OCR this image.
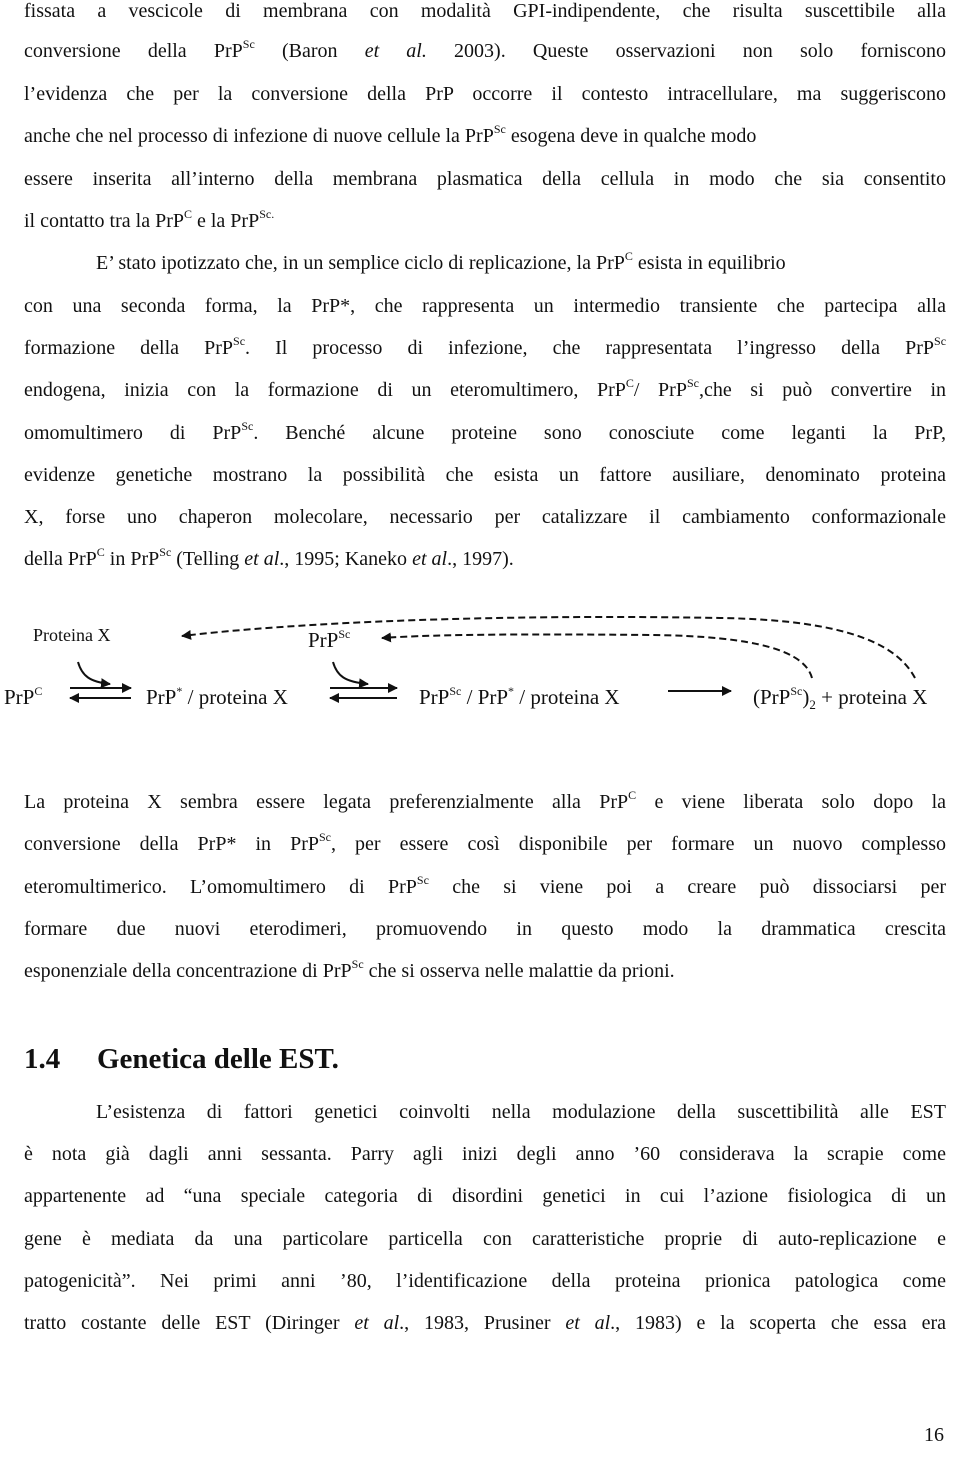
fissata a vescicole di membrana con modalità GPI-indipendente, che risulta suscettibile alla
conversione della PrP$^{Sc}$ (Baron et al. 2003). Queste osservazioni non solo forniscono
l’evidenza che per la conversione della PrP occorre il contesto intracellulare, ma suggeriscono
anche che nel processo di infezione di nuove cellule la PrP$^{Sc}$ esogena deve in qualche modo
essere inserita all’interno della membrana plasmatica della cellula in modo che sia consentito
il contatto tra la PrP$^C$ e la PrP$^{Sc.}$
E’ stato ipotizzato che, in un semplice ciclo di replicazione, la PrP$^C$ esista in equilibrio
con una seconda forma, la PrP*, che rappresenta un intermedio transiente che partecipa alla
formazione della PrP$^{Sc}$. Il processo di infezione, che rappresentata l’ingresso della PrP$^{Sc}$
endogena, inizia con la formazione di un eteromultimero, PrP$^C$/ PrP$^{Sc}$,che si può convertire in
omomultimero di PrP$^{Sc}$. Benché alcune proteine sono conosciute come leganti la PrP,
evidenze genetiche mostrano la possibilità che esista un fattore ausiliare, denominato proteina
X, forse uno chaperon molecolare, necessario per catalizzare il cambiamento conformazionale
della PrP$^C$ in PrP$^{Sc}$ (Telling et al., 1995; Kaneko et al., 1997).
Proteina X	PrP$^{Sc}$
PrP$^C$	PrP* / proteina X	PrP$^{Sc}$ / PrP* / proteina X	$(PrP^{Sc})_2$ + proteina X
La proteina X sembra essere legata preferenzialmente alla PrP$^C$ e viene liberata solo dopo la
conversione della PrP* in PrP$^{Sc}$, per essere così disponibile per formare un nuovo complesso
eteromultimerico. L’omomultimero di PrP$^{Sc}$ che si viene poi a creare può dissociarsi per
formare due nuovi eterodimeri, promuovendo in questo modo la drammatica crescita
esponenziale della concentrazione di PrP$^{Sc}$ che si osserva nelle malattie da prioni.
1.4 Genetica delle EST.
L’esistenza di fattori genetici coinvolti nella modulazione della suscettibilità alle EST
è nota già dagli anni sessanta. Parry agli inizi degli anno ’60 considerava la scrapie come
appartenente ad “una speciale categoria di disordini genetici in cui l’azione fisiologica di un
gene è mediata da una particolare particella con caratteristiche proprie di auto-replicazione e
patogenicità”. Nei primi anni ’80, l’identificazione della proteina prionica patologica come
tratto costante delle EST (Diringer et al., 1983, Prusiner et al., 1983) e la scoperta che essa era
16
